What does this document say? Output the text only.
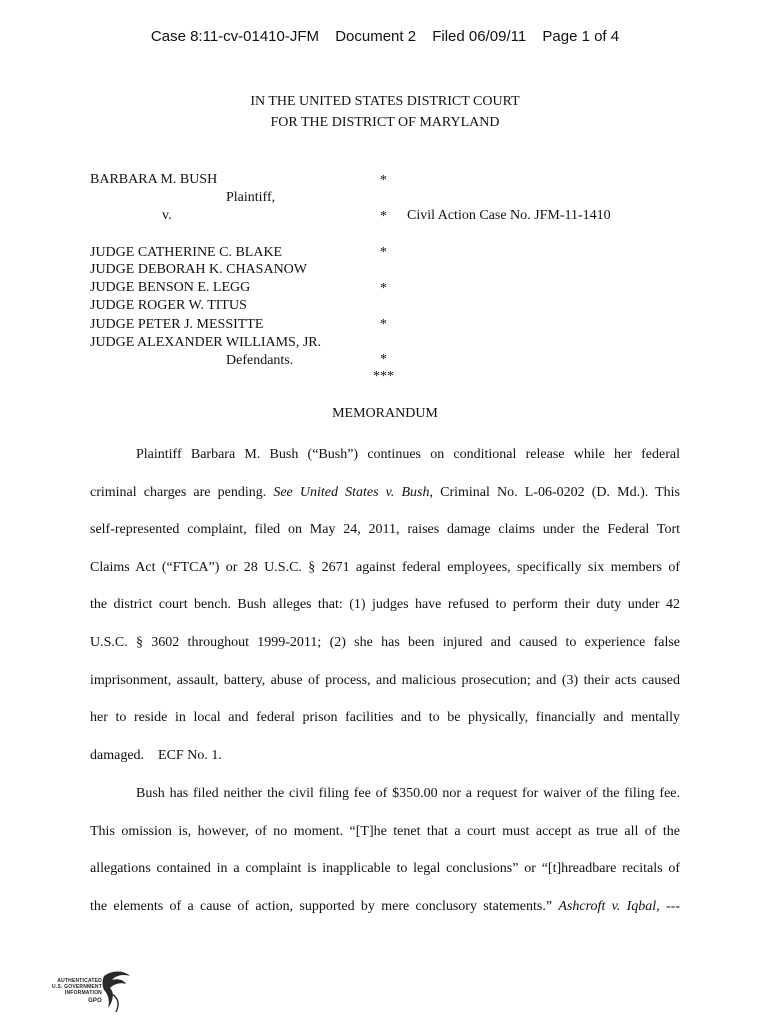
Case 8:11-cv-01410-JFM Document 2 Filed 06/09/11 Page 1 of 4
IN THE UNITED STATES DISTRICT COURT
FOR THE DISTRICT OF MARYLAND
BARBARA M. BUSH
Plaintiff,
v.
JUDGE CATHERINE C. BLAKE
JUDGE DEBORAH K. CHASANOW
JUDGE BENSON E. LEGG
JUDGE ROGER W. TITUS
JUDGE PETER J. MESSITTE
JUDGE ALEXANDER WILLIAMS, JR.
Defendants.
*
*
*
*
*
*
***
Civil Action Case No. JFM-11-1410
MEMORANDUM
Plaintiff Barbara M. Bush (“Bush”) continues on conditional release while her federal
criminal charges are pending. See United States v. Bush, Criminal No. L-06-0202 (D. Md.). This
self-represented complaint, filed on May 24, 2011, raises damage claims under the Federal Tort
Claims Act (“FTCA”) or 28 U.S.C. § 2671 against federal employees, specifically six members of
the district court bench. Bush alleges that: (1) judges have refused to perform their duty under 42
U.S.C. § 3602 throughout 1999-2011; (2) she has been injured and caused to experience false
imprisonment, assault, battery, abuse of process, and malicious prosecution; and (3) their acts caused
her to reside in local and federal prison facilities and to be physically, financially and mentally
damaged.    ECF No. 1.
Bush has filed neither the civil filing fee of $350.00 nor a request for waiver of the filing fee.
This omission is, however, of no moment. “[T]he tenet that a court must accept as true all of the
allegations contained in a complaint is inapplicable to legal conclusions” or “[t]hreadbare recitals of
the elements of a cause of action, supported by mere conclusory statements.” Ashcroft v. Iqbal, ---
AUTHENTICATED
U.S. GOVERNMENT
INFORMATION
GPO
